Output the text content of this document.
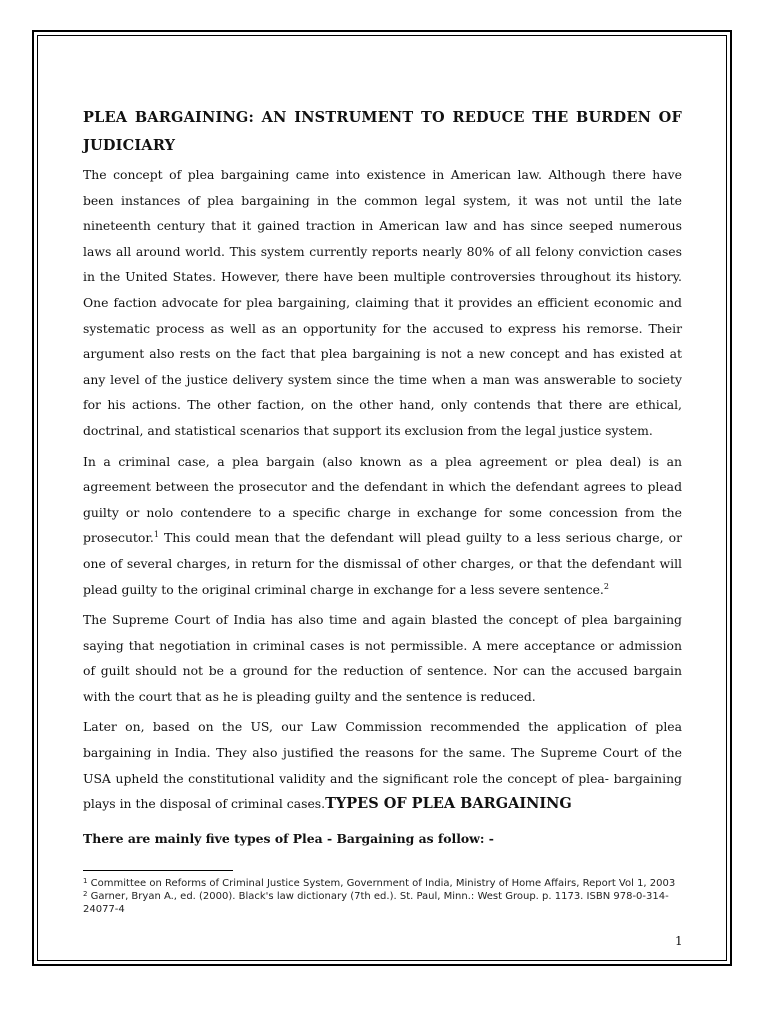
PLEA BARGAINING: AN INSTRUMENT TO REDUCE THE BURDEN OF JUDICIARY

The concept of plea bargaining came into existence in American law. Although there have been instances of plea bargaining in the common legal system, it was not until the late nineteenth century that it gained traction in American law and has since seeped numerous laws all around world. This system currently reports nearly 80% of all felony conviction cases in the United States. However, there have been multiple controversies throughout its history. One faction advocate for plea bargaining, claiming that it provides an efficient economic and systematic process as well as an opportunity for the accused to express his remorse. Their argument also rests on the fact that plea bargaining is not a new concept and has existed at any level of the justice delivery system since the time when a man was answerable to society for his actions. The other faction, on the other hand, only contends that there are ethical, doctrinal, and statistical scenarios that support its exclusion from the legal justice system.

In a criminal case, a plea bargain (also known as a plea agreement or plea deal) is an agreement between the prosecutor and the defendant in which the defendant agrees to plead guilty or nolo contendere to a specific charge in exchange for some concession from the prosecutor.$^1$ This could mean that the defendant will plead guilty to a less serious charge, or one of several charges, in return for the dismissal of other charges, or that the defendant will plead guilty to the original criminal charge in exchange for a less severe sentence.$^2$

The Supreme Court of India has also time and again blasted the concept of plea bargaining saying that negotiation in criminal cases is not permissible. A mere acceptance or admission of guilt should not be a ground for the reduction of sentence. Nor can the accused bargain with the court that as he is pleading guilty and the sentence is reduced.

Later on, based on the US, our Law Commission recommended the application of plea bargaining in India. They also justified the reasons for the same. The Supreme Court of the USA upheld the constitutional validity and the significant role the concept of plea- bargaining plays in the disposal of criminal cases.TYPES OF PLEA BARGAINING

There are mainly five types of Plea - Bargaining as follow: -

$^1$ Committee on Reforms of Criminal Justice System, Government of India, Ministry of Home Affairs, Report Vol 1, 2003

$^2$ Garner, Bryan A., ed. (2000). Black's law dictionary (7th ed.). St. Paul, Minn.: West Group. p. 1173. ISBN 978-0-314-24077-4

1
